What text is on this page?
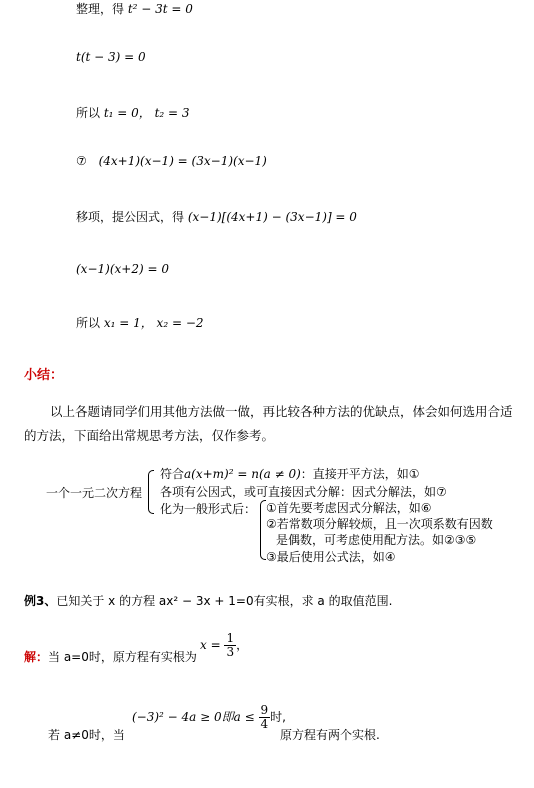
整理，得 t² − 3t = 0
t(t − 3) = 0
所以 t₁ = 0， t₂ = 3
⑦ (4x+1)(x−1) = (3x−1)(x−1)
移项，提公因式，得 (x−1)[(4x+1) − (3x−1)] = 0
(x−1)(x+2) = 0
所以 x₁ = 1， x₂ = −2
小结：
以上各题请同学们用其他方法做一做，再比较各种方法的优缺点，体会如何选用合适的方法，下面给出常规思考方法，仅作参考。
一个一元二次方程
符合a(x+m)² = n(a ≠ 0)：直接开平方法，如①
各项有公因式，或可直接因式分解：因式分解法，如⑦
化为一般形式后： ①首先要考虑因式分解法，如⑥
②若常数项分解较烦，且一次项系数有因数
是偶数，可考虑使用配方法。如②③⑤
③最后使用公式法，如④
例3、已知关于 x 的方程 ax² − 3x + 1=0有实根，求 a 的取值范围.
解：当 a=0时，原方程有实根为
$x = \frac{1}{3}$ ，
若 a≠0时，当
(−3)² − 4a ≥ 0即$a \le \frac{9}{4}$ 时,
原方程有两个实根.
